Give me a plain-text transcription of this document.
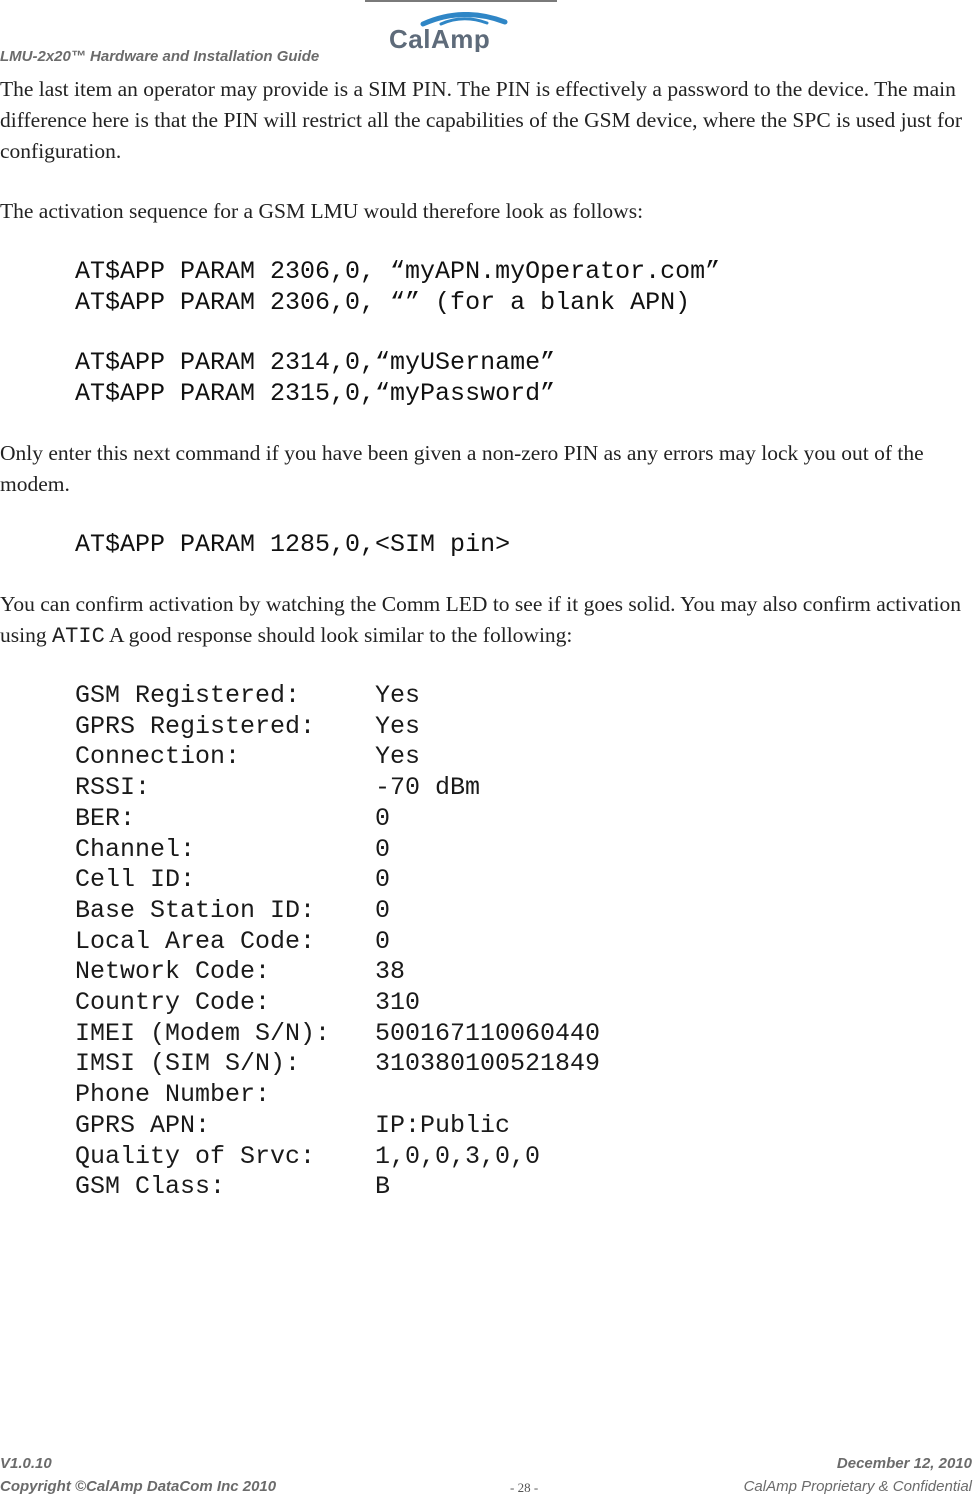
CalAmp
LMU-2x20™ Hardware and Installation Guide

The last item an operator may provide is a SIM PIN. The PIN is effectively a password to the device. The main difference here is that the PIN will restrict all the capabilities of the GSM device, where the SPC is used just for configuration.

The activation sequence for a GSM LMU would therefore look as follows:

AT$APP PARAM 2306,0, “myAPN.myOperator.com”

AT$APP PARAM 2306,0, “” (for a blank APN)

AT$APP PARAM 2314,0,“myUSername”

AT$APP PARAM 2315,0,“myPassword”

Only enter this next command if you have been given a non-zero PIN as any errors may lock you out of the modem.

AT$APP PARAM 1285,0,<SIM pin>

You can confirm activation by watching the Comm LED to see if it goes solid. You may also confirm activation using ATIC A good response should look similar to the following:

GSM Registered:	Yes
GPRS Registered:	Yes
Connection:	Yes
RSSI:	-70 dBm
BER:	0
Channel:	0
Cell ID:	0
Base Station ID:	0
Local Area Code:	0
Network Code:	38
Country Code:	310
IMEI (Modem S/N):	500167110060440
IMSI (SIM S/N):	310380100521849
Phone Number:
GPRS APN:	IP:Public
Quality of Srvc:	1,0,0,3,0,0
GSM Class:	B
V1.0.10	December 12, 2010
Copyright ©CalAmp DataCom Inc 2010	- 28 -	CalAmp Proprietary & Confidential
